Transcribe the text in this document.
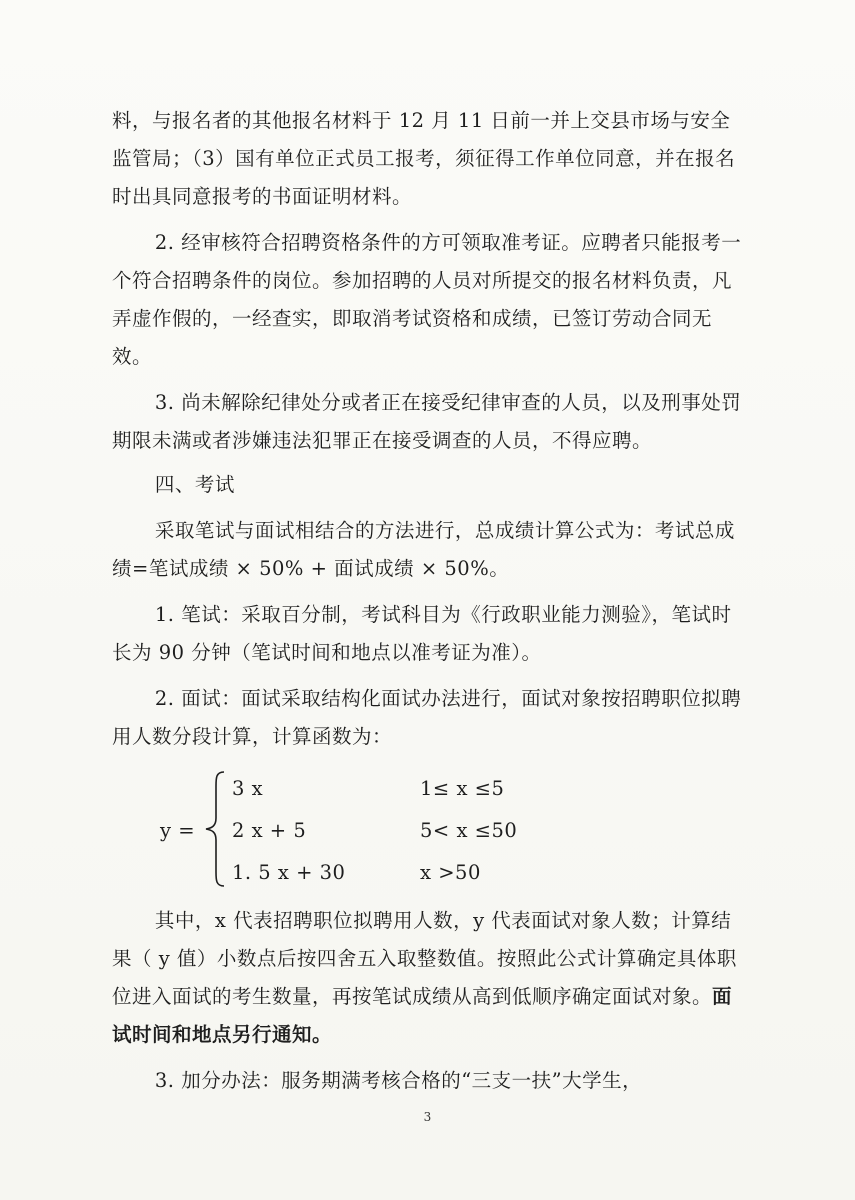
料，与报名者的其他报名材料于 12 月 11 日前一并上交县市场与安全监管局；（3）国有单位正式员工报考，须征得工作单位同意，并在报名时出具同意报考的书面证明材料。

2. 经审核符合招聘资格条件的方可领取准考证。应聘者只能报考一个符合招聘条件的岗位。参加招聘的人员对所提交的报名材料负责，凡弄虚作假的，一经查实，即取消考试资格和成绩，已签订劳动合同无效。

3. 尚未解除纪律处分或者正在接受纪律审查的人员，以及刑事处罚期限未满或者涉嫌违法犯罪正在接受调查的人员，不得应聘。

四、考试

采取笔试与面试相结合的方法进行，总成绩计算公式为：考试总成绩=笔试成绩 × 50% + 面试成绩 × 50%。

1. 笔试：采取百分制，考试科目为《行政职业能力测验》，笔试时长为 90 分钟（笔试时间和地点以准考证为准）。

2. 面试：面试采取结构化面试办法进行，面试对象按招聘职位拟聘用人数分段计算，计算函数为：

y =
3 x	1≤ x ≤5
2 x + 5	5< x ≤50
1. 5 x + 30	x >50

其中，x 代表招聘职位拟聘用人数，y 代表面试对象人数；计算结果（ y 值）小数点后按四舍五入取整数值。按照此公式计算确定具体职位进入面试的考生数量，再按笔试成绩从高到低顺序确定面试对象。面试时间和地点另行通知。

3. 加分办法：服务期满考核合格的“三支一扶”大学生，

3
